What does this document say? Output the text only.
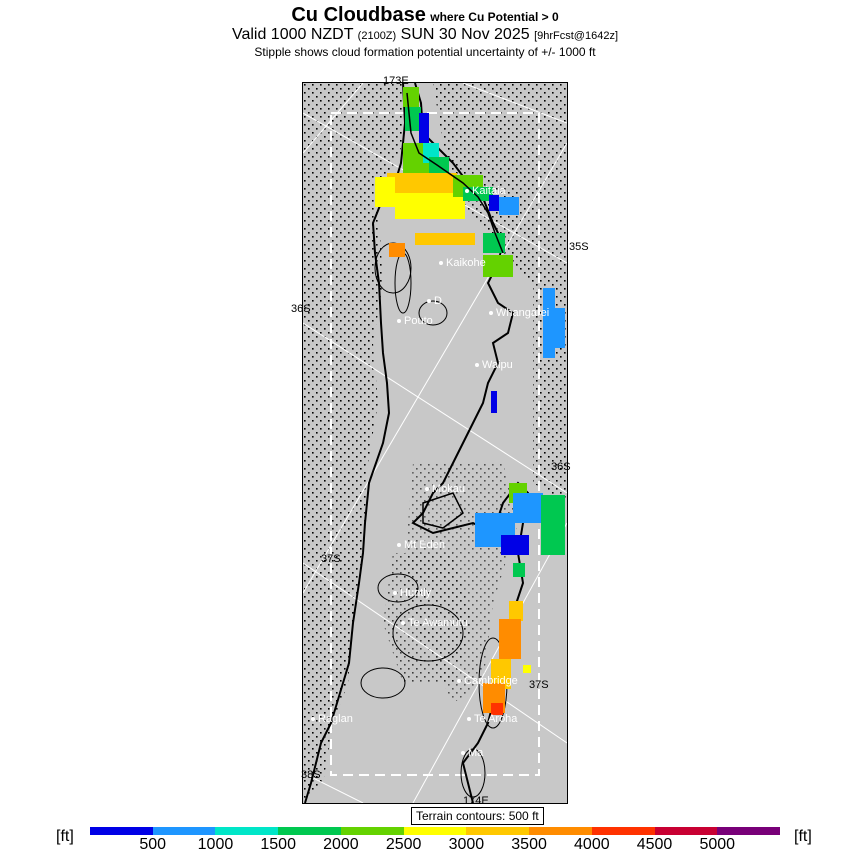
Cu Cloudbase where Cu Potential > 0
Valid 1000 NZDT (2100Z) SUN 30 Nov 2025 [9hrFcst@1642z]
Stipple shows cloud formation potential uncertainty of +/- 1000 ft
173E
36S
35S
36S
37S
37S
38S
174E
Kaitaia
Kaikohe
D
Pouto
Whangarei
Waipu
Mokau
Mt Eden
Huntly
Te Awamutu
Cambridge
Raglan	Te Aroha
Ma
Terrain contours: 500 ft
[ft]	[ft]
500 1000 1500 2000 2500 3000 3500 4000 4500 5000
